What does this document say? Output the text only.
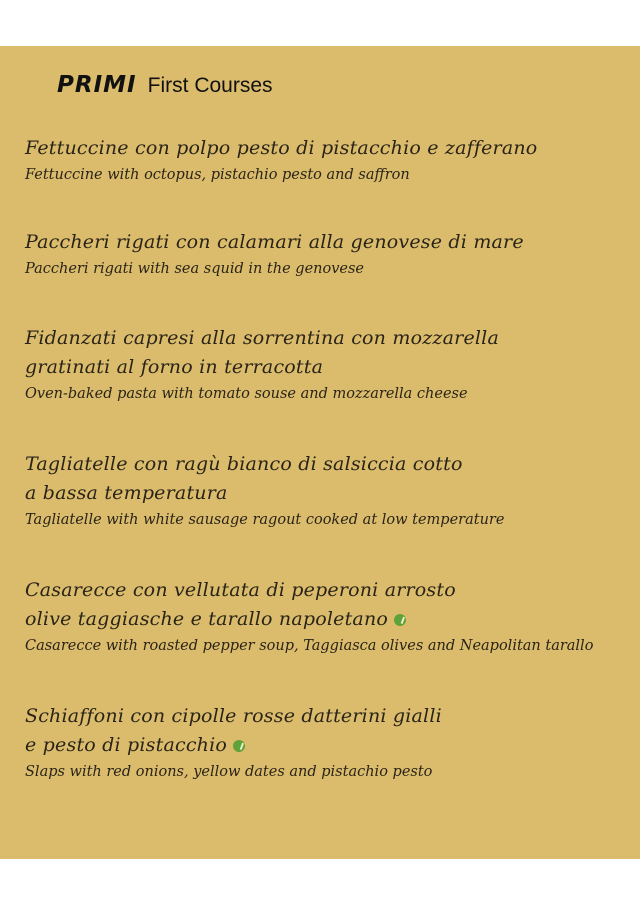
PRIMI First Courses
Fettuccine con polpo pesto di pistacchio e zafferano
Fettuccine with octopus, pistachio pesto and saffron
Paccheri rigati con calamari alla genovese di mare
Paccheri rigati with sea squid in the genovese
Fidanzati capresi alla sorrentina con mozzarella
gratinati al forno in terracotta
Oven-baked pasta with tomato souse and mozzarella cheese
Tagliatelle con ragù bianco di salsiccia cotto
a bassa temperatura
Tagliatelle with white sausage ragout cooked at low temperature
Casarecce con vellutata di peperoni arrosto
olive taggiasche e tarallo napoletano
Casarecce with roasted pepper soup, Taggiasca olives and Neapolitan tarallo
Schiaffoni con cipolle rosse datterini gialli
e pesto di pistacchio
Slaps with red onions, yellow dates and pistachio pesto
